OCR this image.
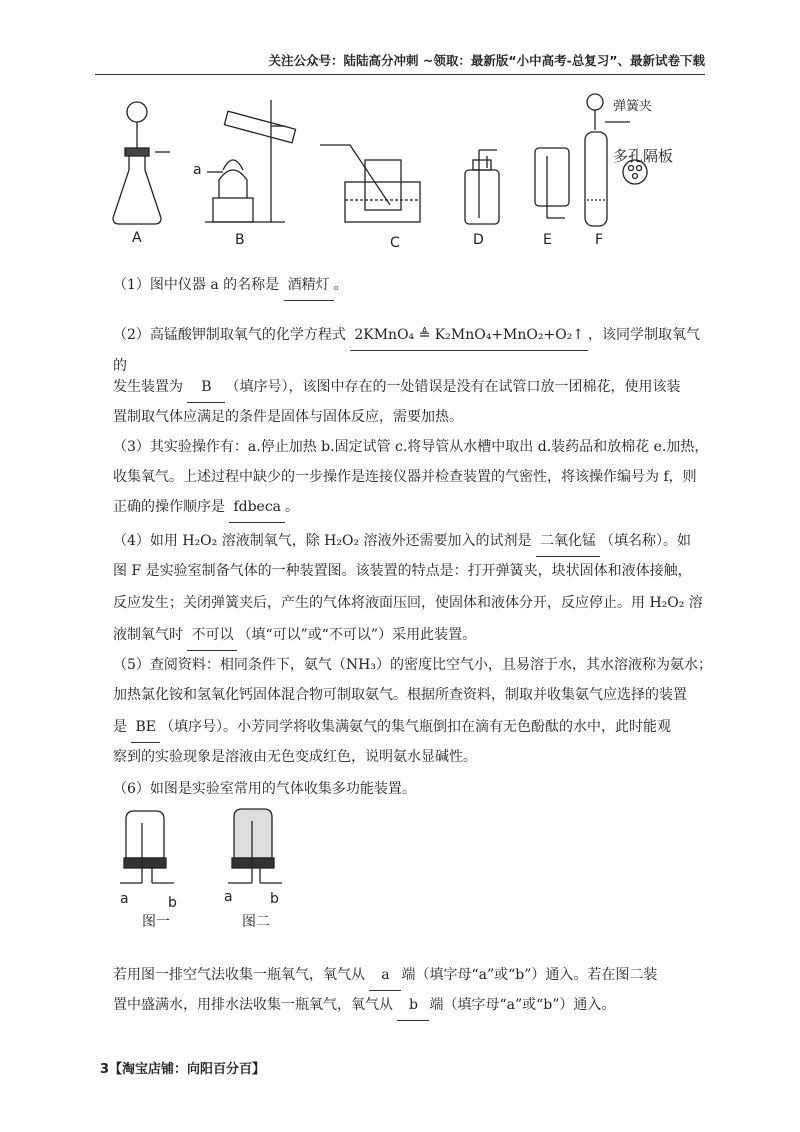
关注公众号：陆陆高分冲刺 ~领取：最新版“小中高考-总复习”、最新试卷下载
A	B	C	D	E	F
a
弹簧夹
多孔隔板
（1）图中仪器 a 的名称是 酒精灯 。
（2）高锰酸钾制取氧气的化学方程式 2KMnO₄ ≜ K₂MnO₄+MnO₂+O₂↑ ，该同学制取氧气的
发生装置为 B （填序号），该图中存在的一处错误是没有在试管口放一团棉花，使用该装
置制取气体应满足的条件是固体与固体反应，需要加热。
（3）其实验操作有：a.停止加热 b.固定试管 c.将导管从水槽中取出 d.装药品和放棉花 e.加热，
收集氧气。上述过程中缺少的一步操作是连接仪器并检查装置的气密性，将该操作编号为 f，则
正确的操作顺序是 fdbeca 。
（4）如用 H₂O₂ 溶液制氧气，除 H₂O₂ 溶液外还需要加入的试剂是 二氧化锰 （填名称）。如
图 F 是实验室制备气体的一种装置图。该装置的特点是：打开弹簧夹，块状固体和液体接触，
反应发生；关闭弹簧夹后，产生的气体将液面压回，使固体和液体分开，反应停止。用 H₂O₂ 溶
液制氧气时 不可以 （填“可以”或“不可以”）采用此装置。
（5）查阅资料：相同条件下，氨气（NH₃）的密度比空气小，且易溶于水，其水溶液称为氨水；
加热氯化铵和氢氧化钙固体混合物可制取氨气。根据所查资料，制取并收集氨气应选择的装置
是 BE （填序号）。小芳同学将收集满氨气的集气瓶倒扣在滴有无色酚酞的水中，此时能观
察到的实验现象是溶液由无色变成红色，说明氨水显碱性。
（6）如图是实验室常用的气体收集多功能装置。
a	b
图一
a	b
图二
若用图一排空气法收集一瓶氧气，氧气从 a 端（填字母“a”或“b”）通入。若在图二装
置中盛满水，用排水法收集一瓶氧气，氧气从 b 端（填字母“a”或“b”）通入。
3【淘宝店铺：向阳百分百】
